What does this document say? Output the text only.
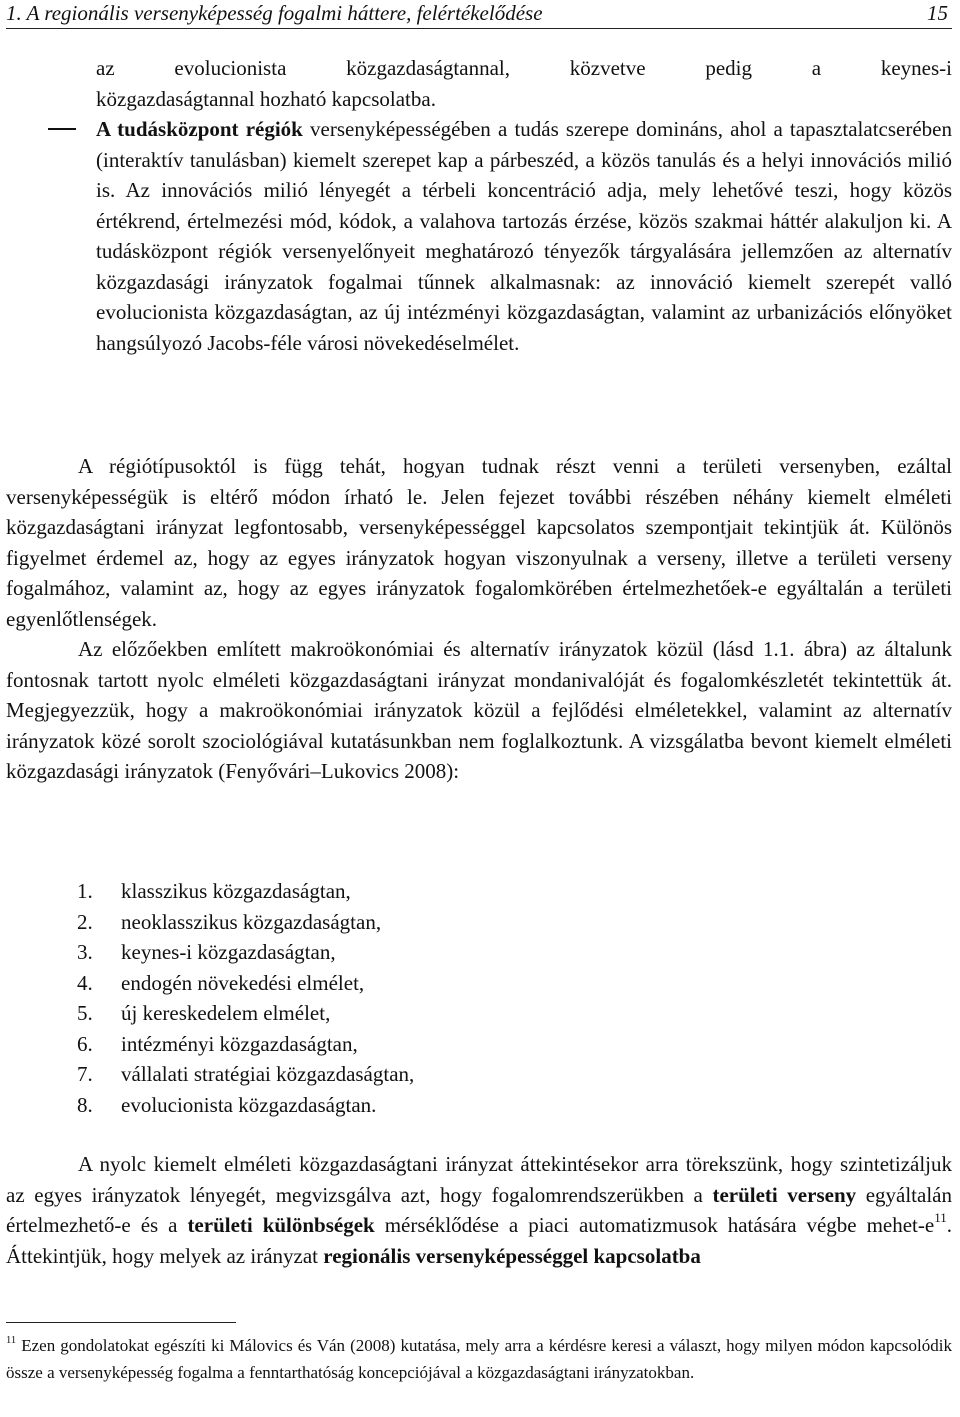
1. A regionális versenyképesség fogalmi háttere, felértékelődése	15

az evolucionista közgazdaságtannal, közvetve pedig a keynes-i

közgazdaságtannal hozható kapcsolatba.

A tudásközpont régiók versenyképességében a tudás szerepe domináns, ahol a tapasztalatcserében (interaktív tanulásban) kiemelt szerepet kap a párbeszéd, a közös tanulás és a helyi innovációs milió is. Az innovációs milió lényegét a térbeli koncentráció adja, mely lehetővé teszi, hogy közös értékrend, értelmezési mód, kódok, a valahova tartozás érzése, közös szakmai háttér alakuljon ki. A tudásközpont régiók versenyelőnyeit meghatározó tényezők tárgyalására jellemzően az alternatív közgazdasági irányzatok fogalmai tűnnek alkalmasnak: az innováció kiemelt szerepét valló evolucionista közgazdaságtan, az új intézményi közgazdaságtan, valamint az urbanizációs előnyöket hangsúlyozó Jacobs-féle városi növekedéselmélet.

A régiótípusoktól is függ tehát, hogyan tudnak részt venni a területi versenyben, ezáltal versenyképességük is eltérő módon írható le. Jelen fejezet további részében néhány kiemelt elméleti közgazdaságtani irányzat legfontosabb, versenyképességgel kapcsolatos szempontjait tekintjük át. Különös figyelmet érdemel az, hogy az egyes irányzatok hogyan viszonyulnak a verseny, illetve a területi verseny fogalmához, valamint az, hogy az egyes irányzatok fogalomkörében értelmezhetőek-e egyáltalán a területi egyenlőtlenségek.

Az előzőekben említett makroökonómiai és alternatív irányzatok közül (lásd 1.1. ábra) az általunk fontosnak tartott nyolc elméleti közgazdaságtani irányzat mondanivalóját és fogalomkészletét tekintettük át. Megjegyezzük, hogy a makroökonómiai irányzatok közül a fejlődési elméletekkel, valamint az alternatív irányzatok közé sorolt szociológiával kutatásunkban nem foglalkoztunk. A vizsgálatba bevont kiemelt elméleti közgazdasági irányzatok (Fenyővári–Lukovics 2008):

1. klasszikus közgazdaságtan,
2. neoklasszikus közgazdaságtan,
3. keynes-i közgazdaságtan,
4. endogén növekedési elmélet,
5. új kereskedelem elmélet,
6. intézményi közgazdaságtan,
7. vállalati stratégiai közgazdaságtan,
8. evolucionista közgazdaságtan.

A nyolc kiemelt elméleti közgazdaságtani irányzat áttekintésekor arra törekszünk, hogy szintetizáljuk az egyes irányzatok lényegét, megvizsgálva azt, hogy fogalomrendszerükben a területi verseny egyáltalán értelmezhető-e és a területi különbségek mérséklődése a piaci automatizmusok hatására végbe mehet-$e^{11}$. Áttekintjük, hogy melyek az irányzat regionális versenyképességgel kapcsolatba

$^{11}$ Ezen gondolatokat egészíti ki Málovics és Ván (2008) kutatása, mely arra a kérdésre keresi a választ, hogy milyen módon kapcsolódik össze a versenyképesség fogalma a fenntarthatóság koncepciójával a közgazdaságtani irányzatokban.
